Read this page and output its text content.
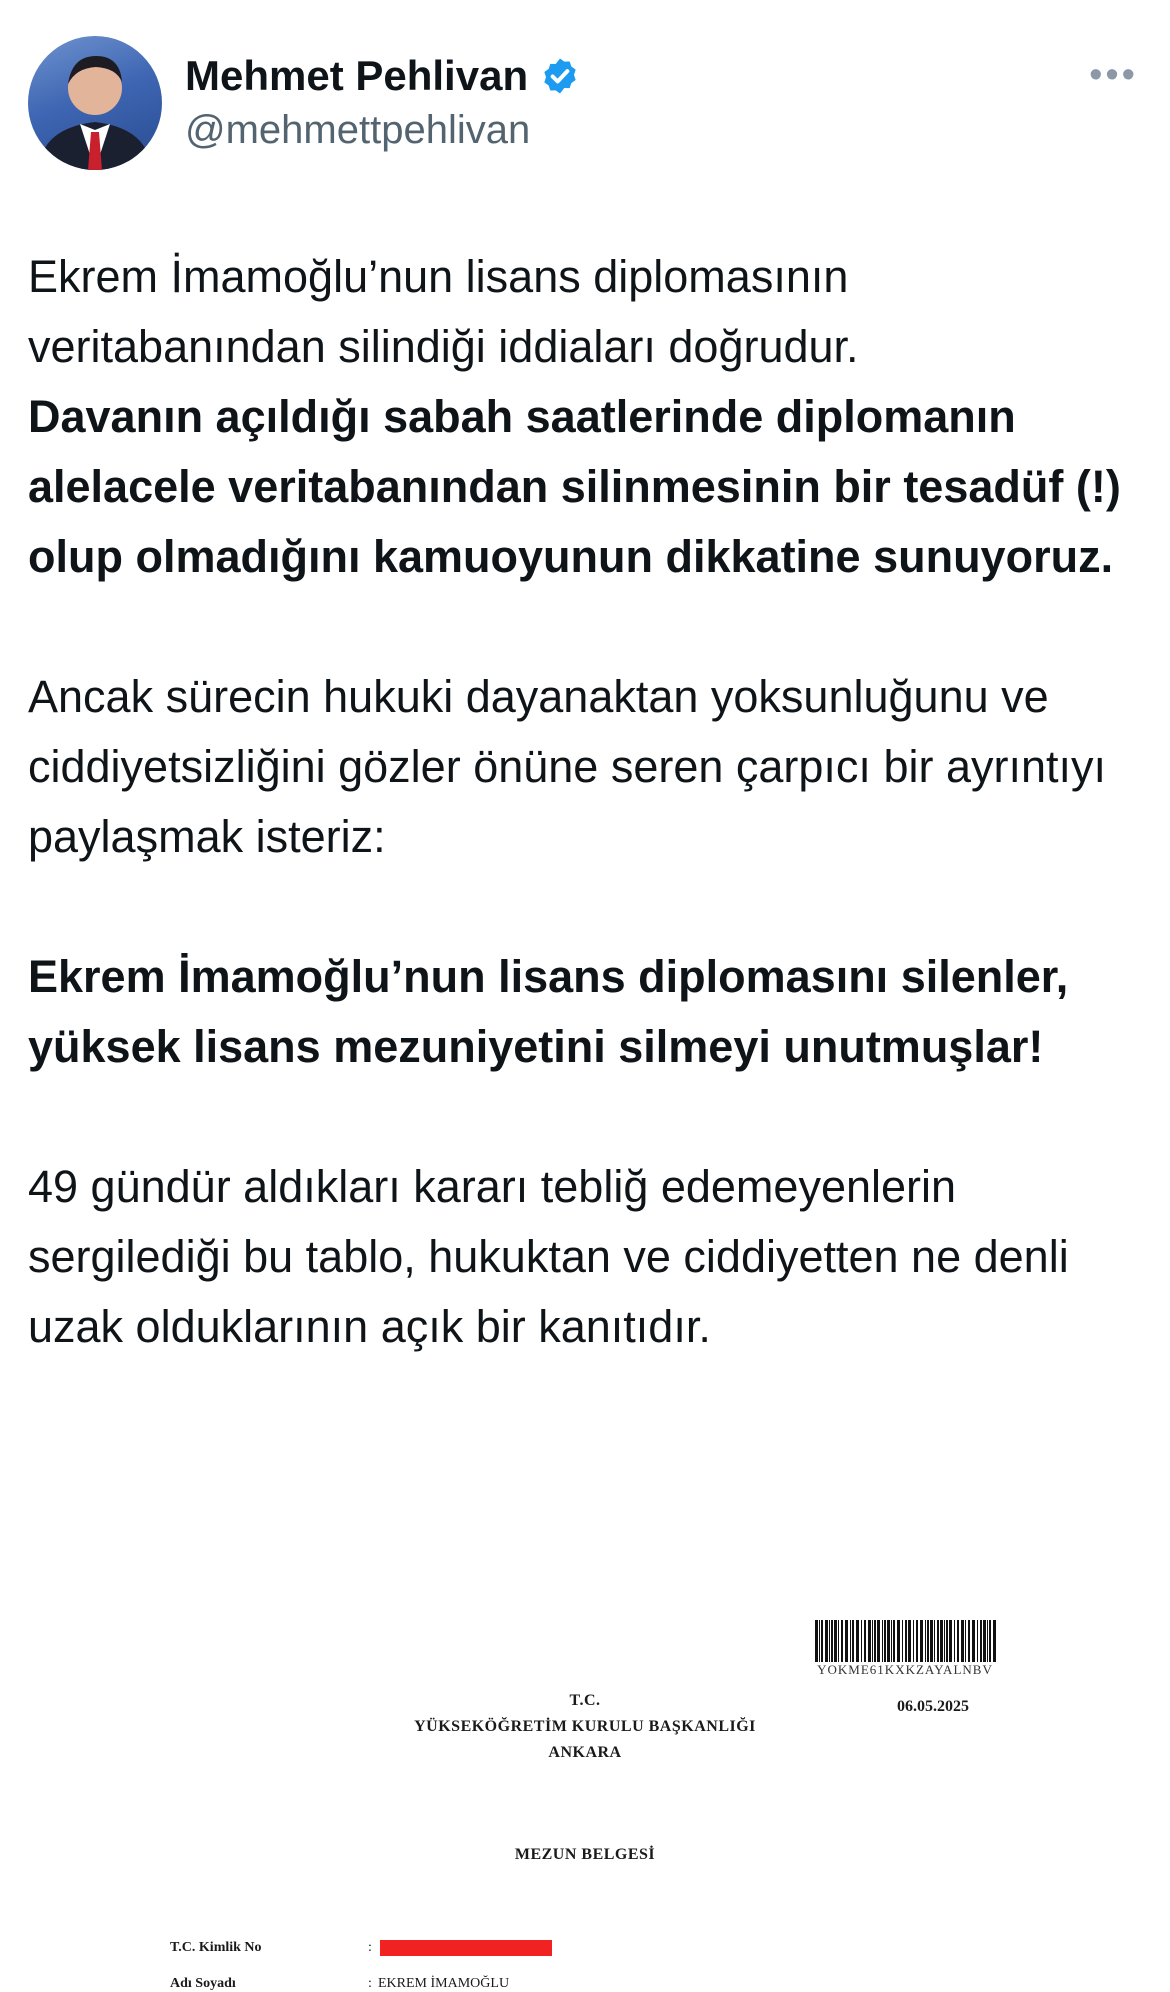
Mehmet Pehlivan
@mehmettpehlivan
•••

Ekrem İmamoğlu’nun lisans diplomasının veritabanından silindiği iddiaları doğrudur.

Davanın açıldığı sabah saatlerinde diplomanın alelacele veritabanından silinmesinin bir tesadüf (!) olup olmadığını kamuoyunun dikkatine sunuyoruz.

Ancak sürecin hukuki dayanaktan yoksunluğunu ve ciddiyetsizliğini gözler önüne seren çarpıcı bir ayrıntıyı paylaşmak isteriz:

Ekrem İmamoğlu’nun lisans diplomasını silenler, yüksek lisans mezuniyetini silmeyi unutmuşlar!

49 gündür aldıkları kararı tebliğ edemeyenlerin sergilediği bu tablo, hukuktan ve ciddiyetten ne denli uzak olduklarının açık bir kanıtıdır.

YOKME61KXKZAYALNBV
06.05.2025
T.C.
YÜKSEKÖĞRETİM KURULU BAŞKANLIĞI
ANKARA
MEZUN BELGESİ
T.C. Kimlik No	:
Adı Soyadı	: EKREM İMAMOĞLU
